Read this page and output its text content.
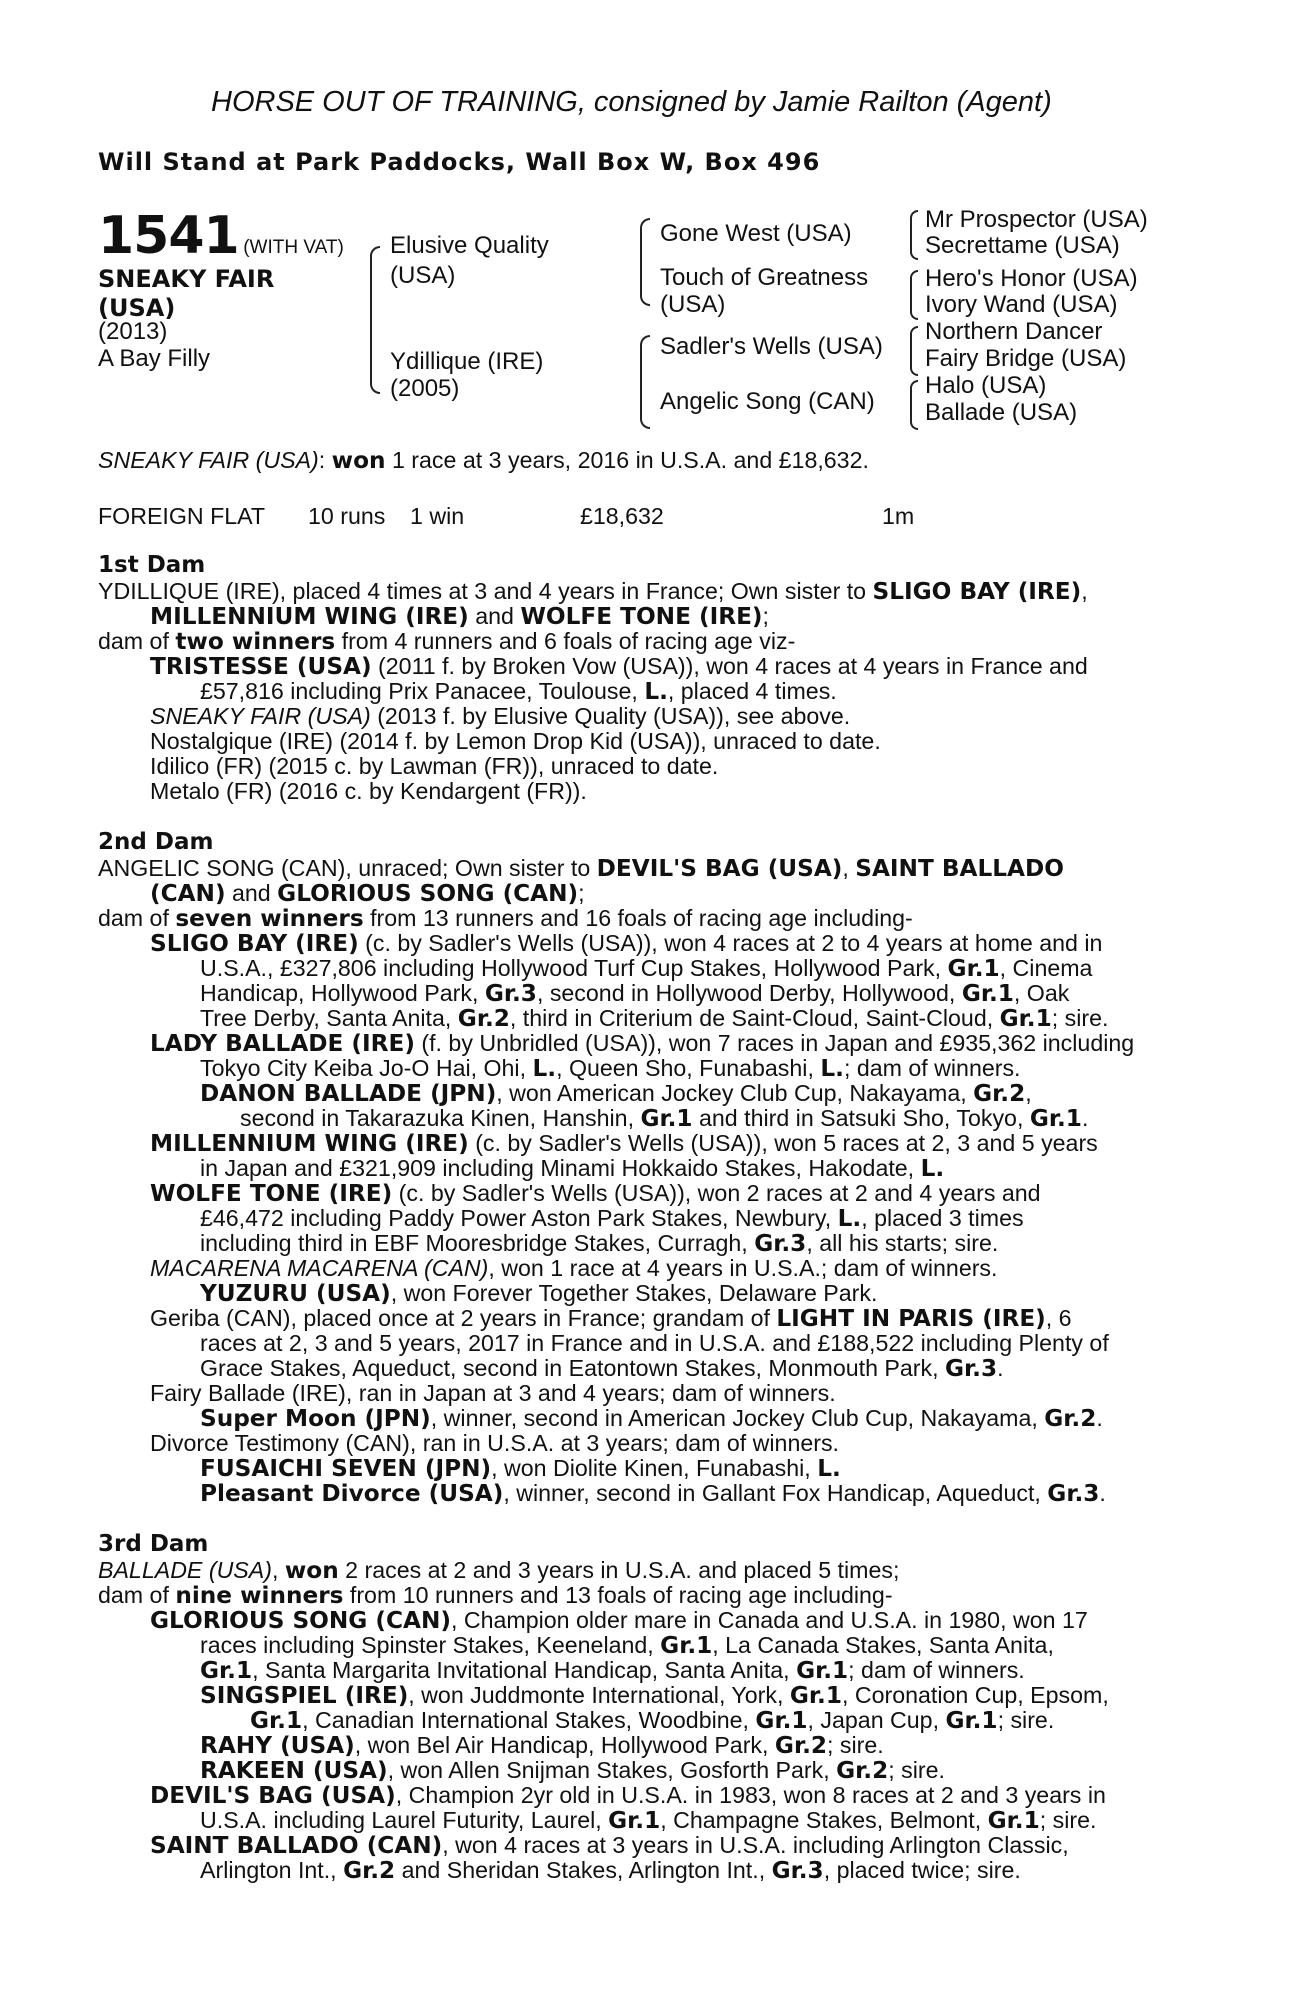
HORSE OUT OF TRAINING, consigned by Jamie Railton (Agent)
Will Stand at Park Paddocks, Wall Box W, Box 496
1541 (WITH VAT)
SNEAKY FAIR
(USA)
(2013)
A Bay Filly
Elusive Quality
(USA)
Ydillique (IRE)
(2005)
Gone West (USA)
Touch of Greatness
(USA)
Sadler's Wells (USA)
Angelic Song (CAN)
Mr Prospector (USA)
Secrettame (USA)
Hero's Honor (USA)
Ivory Wand (USA)
Northern Dancer
Fairy Bridge (USA)
Halo (USA)
Ballade (USA)
SNEAKY FAIR (USA): won 1 race at 3 years, 2016 in U.S.A. and £18,632.
FOREIGN FLAT 10 runs 1 win	£18,632	1m
1st Dam
YDILLIQUE (IRE), placed 4 times at 3 and 4 years in France; Own sister to SLIGO BAY (IRE),
MILLENNIUM WING (IRE) and WOLFE TONE (IRE);
dam of two winners from 4 runners and 6 foals of racing age viz-
TRISTESSE (USA) (2011 f. by Broken Vow (USA)), won 4 races at 4 years in France and
£57,816 including Prix Panacee, Toulouse, L., placed 4 times.
SNEAKY FAIR (USA) (2013 f. by Elusive Quality (USA)), see above.
Nostalgique (IRE) (2014 f. by Lemon Drop Kid (USA)), unraced to date.
Idilico (FR) (2015 c. by Lawman (FR)), unraced to date.
Metalo (FR) (2016 c. by Kendargent (FR)).
2nd Dam
ANGELIC SONG (CAN), unraced; Own sister to DEVIL'S BAG (USA), SAINT BALLADO
(CAN) and GLORIOUS SONG (CAN);
dam of seven winners from 13 runners and 16 foals of racing age including-
SLIGO BAY (IRE) (c. by Sadler's Wells (USA)), won 4 races at 2 to 4 years at home and in
U.S.A., £327,806 including Hollywood Turf Cup Stakes, Hollywood Park, Gr.1, Cinema
Handicap, Hollywood Park, Gr.3, second in Hollywood Derby, Hollywood, Gr.1, Oak
Tree Derby, Santa Anita, Gr.2, third in Criterium de Saint-Cloud, Saint-Cloud, Gr.1; sire.
LADY BALLADE (IRE) (f. by Unbridled (USA)), won 7 races in Japan and £935,362 including
Tokyo City Keiba Jo-O Hai, Ohi, L., Queen Sho, Funabashi, L.; dam of winners.
DANON BALLADE (JPN), won American Jockey Club Cup, Nakayama, Gr.2,
second in Takarazuka Kinen, Hanshin, Gr.1 and third in Satsuki Sho, Tokyo, Gr.1.
MILLENNIUM WING (IRE) (c. by Sadler's Wells (USA)), won 5 races at 2, 3 and 5 years
in Japan and £321,909 including Minami Hokkaido Stakes, Hakodate, L.
WOLFE TONE (IRE) (c. by Sadler's Wells (USA)), won 2 races at 2 and 4 years and
£46,472 including Paddy Power Aston Park Stakes, Newbury, L., placed 3 times
including third in EBF Mooresbridge Stakes, Curragh, Gr.3, all his starts; sire.
MACARENA MACARENA (CAN), won 1 race at 4 years in U.S.A.; dam of winners.
YUZURU (USA), won Forever Together Stakes, Delaware Park.
Geriba (CAN), placed once at 2 years in France; grandam of LIGHT IN PARIS (IRE), 6
races at 2, 3 and 5 years, 2017 in France and in U.S.A. and £188,522 including Plenty of
Grace Stakes, Aqueduct, second in Eatontown Stakes, Monmouth Park, Gr.3.
Fairy Ballade (IRE), ran in Japan at 3 and 4 years; dam of winners.
Super Moon (JPN), winner, second in American Jockey Club Cup, Nakayama, Gr.2.
Divorce Testimony (CAN), ran in U.S.A. at 3 years; dam of winners.
FUSAICHI SEVEN (JPN), won Diolite Kinen, Funabashi, L.
Pleasant Divorce (USA), winner, second in Gallant Fox Handicap, Aqueduct, Gr.3.
3rd Dam
BALLADE (USA), won 2 races at 2 and 3 years in U.S.A. and placed 5 times;
dam of nine winners from 10 runners and 13 foals of racing age including-
GLORIOUS SONG (CAN), Champion older mare in Canada and U.S.A. in 1980, won 17
races including Spinster Stakes, Keeneland, Gr.1, La Canada Stakes, Santa Anita,
Gr.1, Santa Margarita Invitational Handicap, Santa Anita, Gr.1; dam of winners.
SINGSPIEL (IRE), won Juddmonte International, York, Gr.1, Coronation Cup, Epsom,
Gr.1, Canadian International Stakes, Woodbine, Gr.1, Japan Cup, Gr.1; sire.
RAHY (USA), won Bel Air Handicap, Hollywood Park, Gr.2; sire.
RAKEEN (USA), won Allen Snijman Stakes, Gosforth Park, Gr.2; sire.
DEVIL'S BAG (USA), Champion 2yr old in U.S.A. in 1983, won 8 races at 2 and 3 years in
U.S.A. including Laurel Futurity, Laurel, Gr.1, Champagne Stakes, Belmont, Gr.1; sire.
SAINT BALLADO (CAN), won 4 races at 3 years in U.S.A. including Arlington Classic,
Arlington Int., Gr.2 and Sheridan Stakes, Arlington Int., Gr.3, placed twice; sire.
